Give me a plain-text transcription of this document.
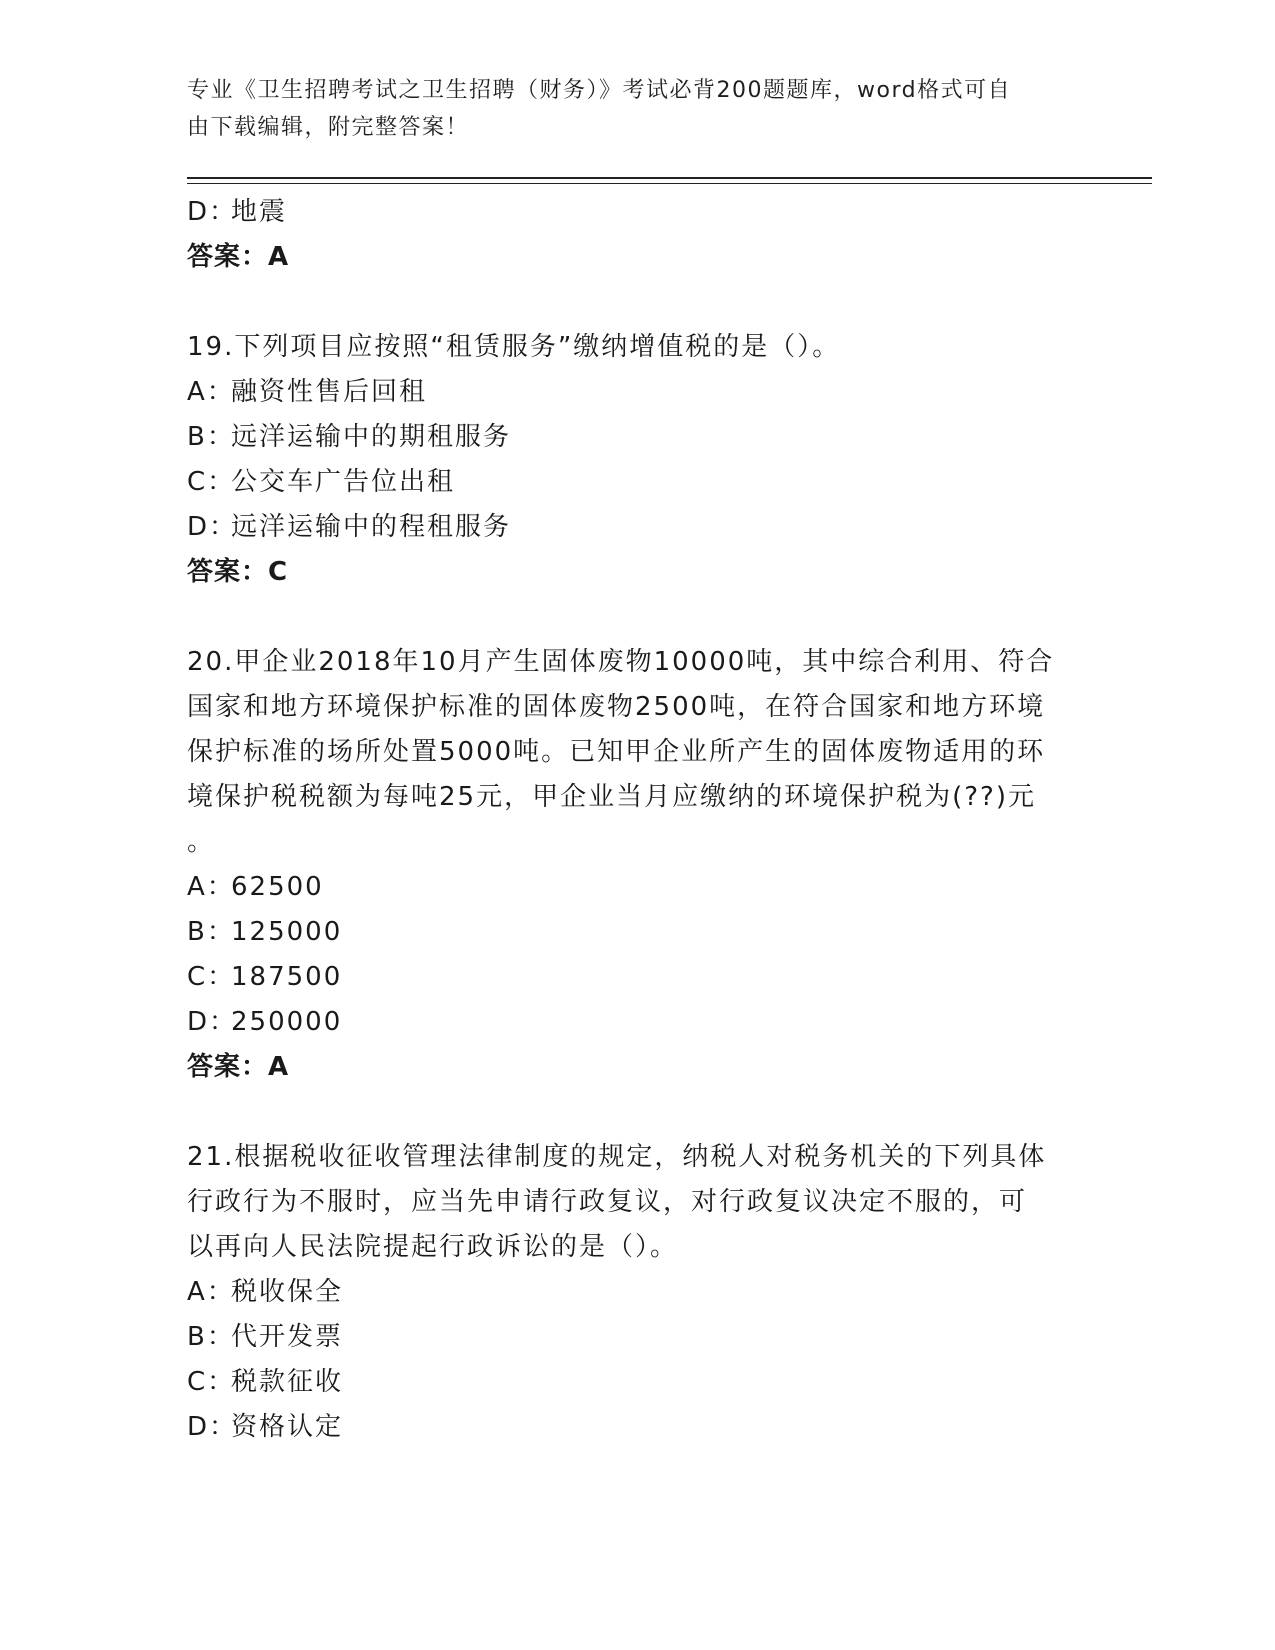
专业《卫生招聘考试之卫生招聘（财务）》考试必背200题题库，word格式可自
由下载编辑，附完整答案！
D：地震
答案：A
19.下列项目应按照“租赁服务”缴纳增值税的是（）。
A：融资性售后回租
B：远洋运输中的期租服务
C：公交车广告位出租
D：远洋运输中的程租服务
答案：C
20.甲企业2018年10月产生固体废物10000吨，其中综合利用、符合
国家和地方环境保护标准的固体废物2500吨，在符合国家和地方环境
保护标准的场所处置5000吨。已知甲企业所产生的固体废物适用的环
境保护税税额为每吨25元，甲企业当月应缴纳的环境保护税为(??)元
。
A：62500
B：125000
C：187500
D：250000
答案：A
21.根据税收征收管理法律制度的规定，纳税人对税务机关的下列具体
行政行为不服时，应当先申请行政复议，对行政复议决定不服的，可
以再向人民法院提起行政诉讼的是（）。
A：税收保全
B：代开发票
C：税款征收
D：资格认定
